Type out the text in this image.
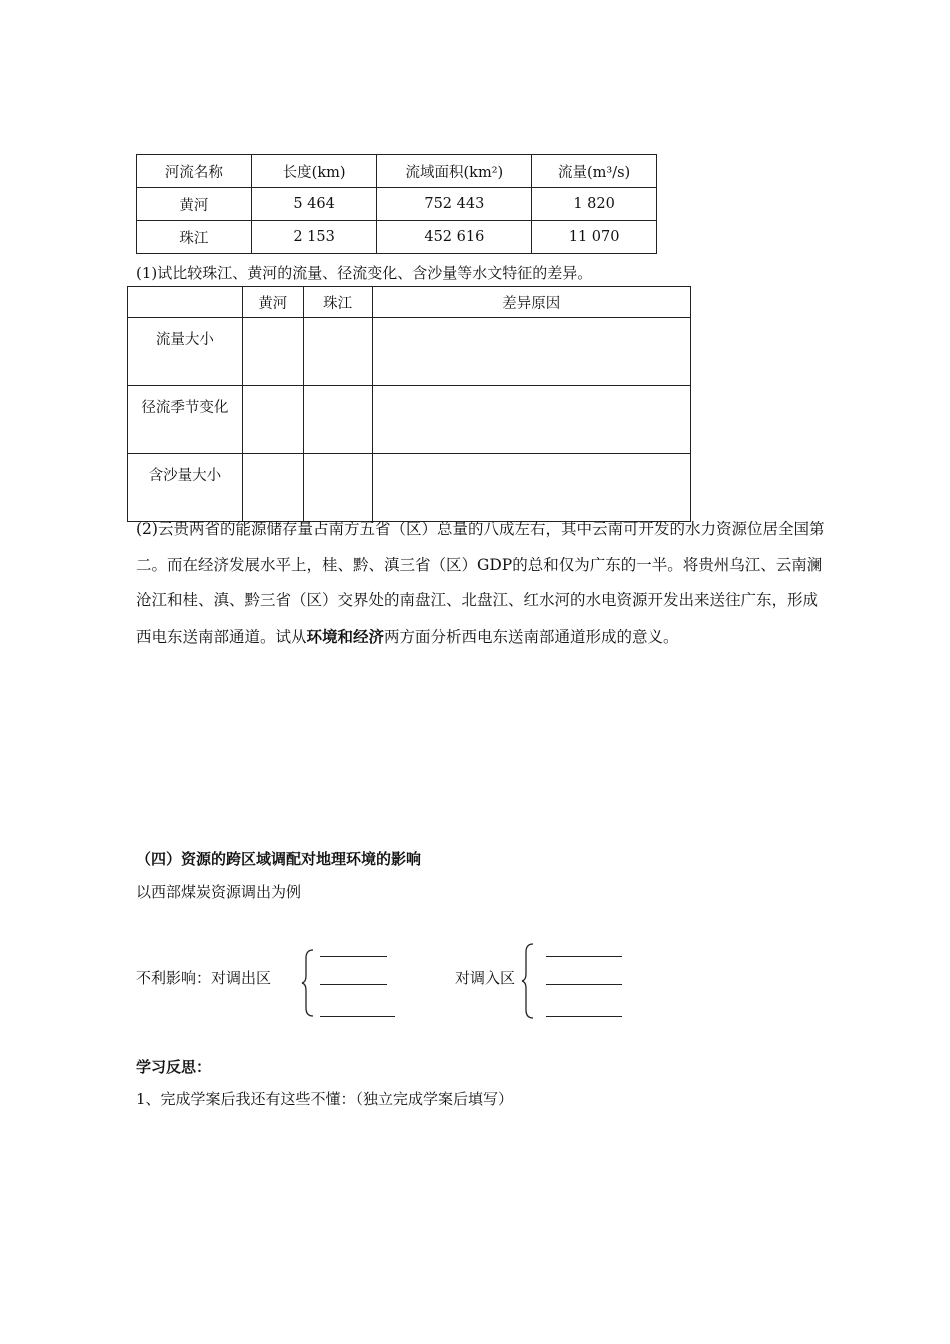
河流名称	长度(km)	流域面积(km²)	流量(m³/s)
黄河	5 464	752 443	1 820
珠江	2 153	452 616	11 070
(1)试比较珠江、黄河的流量、径流变化、含沙量等水文特征的差异。
	黄河	珠江	差异原因
流量大小			
径流季节变化			
含沙量大小			
(2)云贵两省的能源储存量占南方五省（区）总量的八成左右，其中云南可开发的水力资源位居全国第二。而在经济发展水平上，桂、黔、滇三省（区）GDP的总和仅为广东的一半。将贵州乌江、云南澜沧江和桂、滇、黔三省（区）交界处的南盘江、北盘江、红水河的水电资源开发出来送往广东，形成西电东送南部通道。试从环境和经济两方面分析西电东送南部通道形成的意义。
（四）资源的跨区域调配对地理环境的影响
以西部煤炭资源调出为例
不利影响：对调出区	对调入区
学习反思：
1、完成学案后我还有这些不懂：（独立完成学案后填写）
